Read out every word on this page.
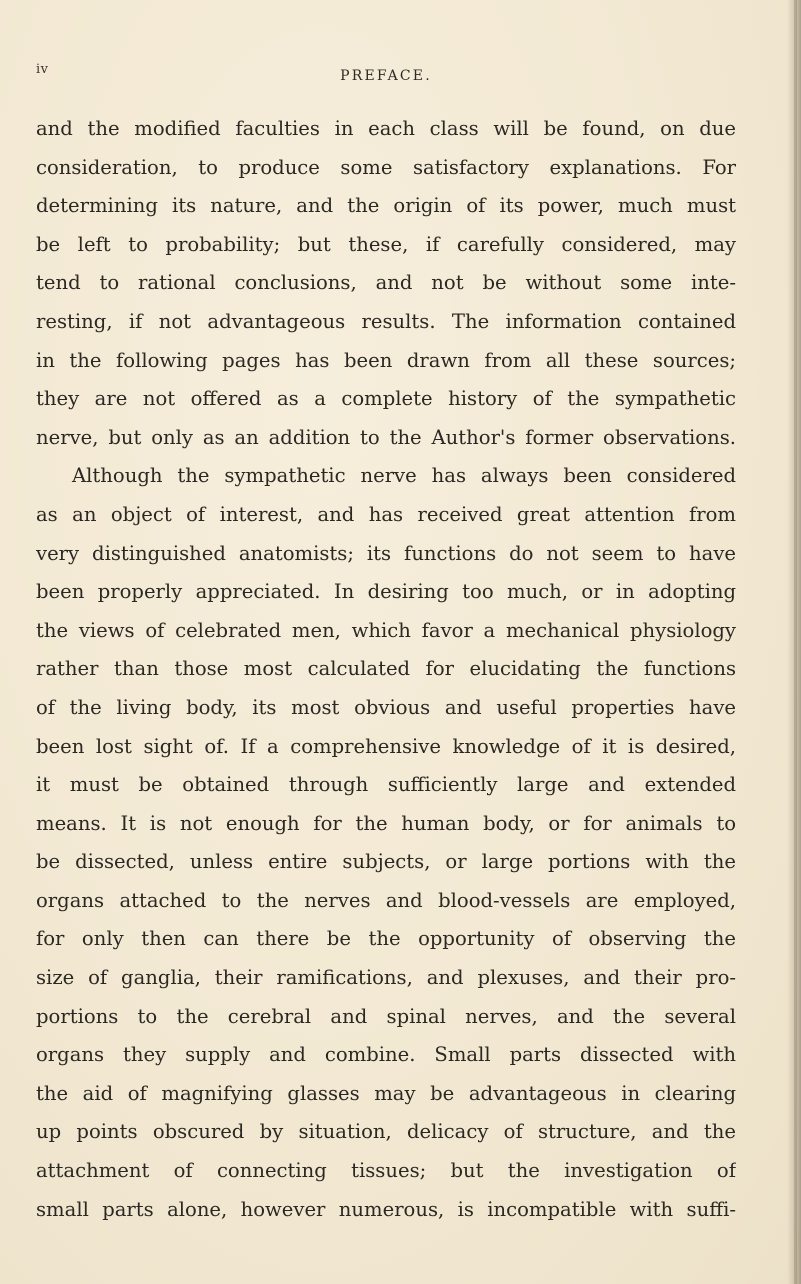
iv	PREFACE.
and the modified faculties in each class will be found, on due
consideration, to produce some satisfactory explanations. For
determining its nature, and the origin of its power, much must
be left to probability; but these, if carefully considered, may
tend to rational conclusions, and not be without some inte-
resting, if not advantageous results. The information contained
in the following pages has been drawn from all these sources;
they are not offered as a complete history of the sympathetic
nerve, but only as an addition to the Author's former observations.
Although the sympathetic nerve has always been considered
as an object of interest, and has received great attention from
very distinguished anatomists; its functions do not seem to have
been properly appreciated. In desiring too much, or in adopting
the views of celebrated men, which favor a mechanical physiology
rather than those most calculated for elucidating the functions
of the living body, its most obvious and useful properties have
been lost sight of. If a comprehensive knowledge of it is desired,
it must be obtained through sufficiently large and extended
means. It is not enough for the human body, or for animals to
be dissected, unless entire subjects, or large portions with the
organs attached to the nerves and blood-vessels are employed,
for only then can there be the opportunity of observing the
size of ganglia, their ramifications, and plexuses, and their pro-
portions to the cerebral and spinal nerves, and the several
organs they supply and combine. Small parts dissected with
the aid of magnifying glasses may be advantageous in clearing
up points obscured by situation, delicacy of structure, and the
attachment of connecting tissues; but the investigation of
small parts alone, however numerous, is incompatible with suffi-
